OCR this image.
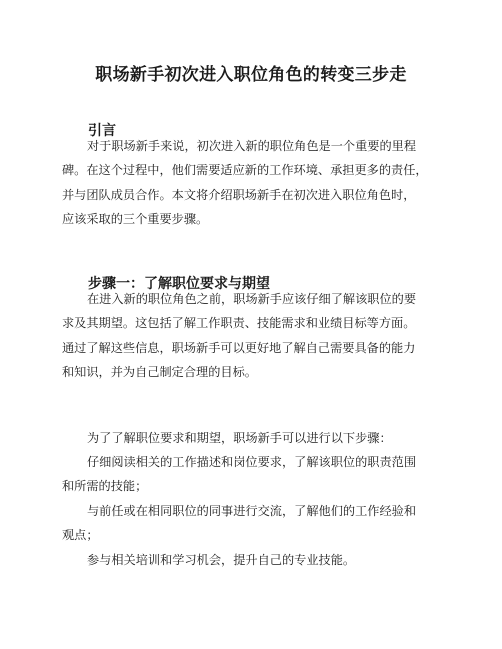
职场新手初次进入职位角色的转变三步走
引言
对于职场新手来说，初次进入新的职位角色是一个重要的里程
碑。在这个过程中，他们需要适应新的工作环境、承担更多的责任，
并与团队成员合作。本文将介绍职场新手在初次进入职位角色时，
应该采取的三个重要步骤。
步骤一：了解职位要求与期望
在进入新的职位角色之前，职场新手应该仔细了解该职位的要
求及其期望。这包括了解工作职责、技能需求和业绩目标等方面。
通过了解这些信息，职场新手可以更好地了解自己需要具备的能力
和知识，并为自己制定合理的目标。
为了了解职位要求和期望，职场新手可以进行以下步骤：
仔细阅读相关的工作描述和岗位要求，了解该职位的职责范围
和所需的技能；
与前任或在相同职位的同事进行交流，了解他们的工作经验和
观点；
参与相关培训和学习机会，提升自己的专业技能。
